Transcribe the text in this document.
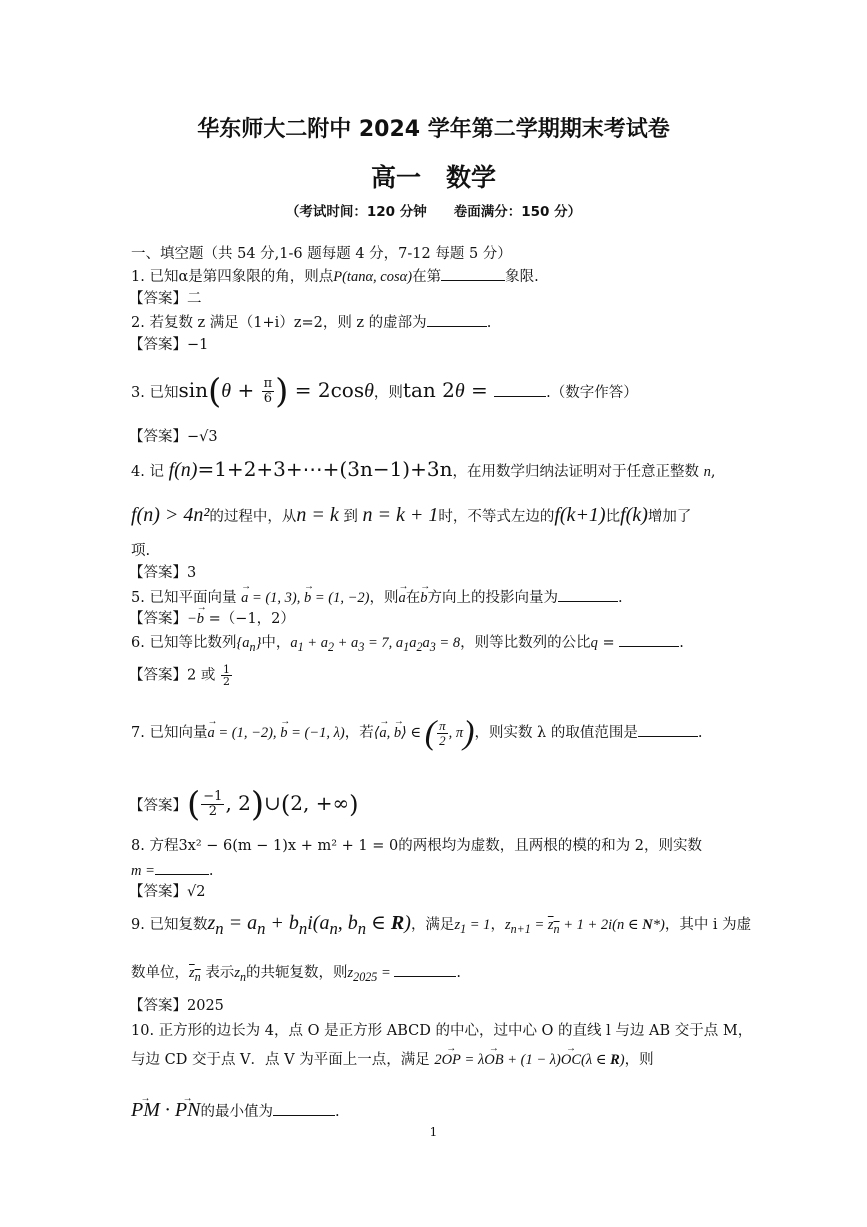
华东师大二附中 2024 学年第二学期期末考试卷
高一　数学
（考试时间：120 分钟　　卷面满分：150 分）
一、填空题（共 54 分,1-6 题每题 4 分，7-12 每题 5 分）
1. 已知α是第四象限的角，则点P(tanα, cosα)在第	象限.
【答案】二
2. 若复数 z 满足（1+i）z=2，则 z 的虚部为	.
【答案】−1
3. 已知$\sin(\theta + \frac{\pi}{6}$ ) = 2cosθ，则tan 2θ =	.（数字作答）
【答案】−√3
4. 记 f(n)=1+2+3+⋯+(3n−1)+3n，在用数学归纳法证明对于任意正整数 n,
f(n) > 4n²的过程中，从n = k 到 n = k + 1时，不等式左边的f(k+1)比f(k)增加了
项.
【答案】3
5. 已知平面向量 → a = (1, 3), → b = (1, −2)，则→ a在→ b方向上的投影向量为	.
【答案】−→ b =（−1，2）
6. 已知等比数列$\{a_n\}$中，$a_1 + a_2 + a_3 = 7$, $a_1a_2a_3 = 8$，则等比数列的公比q =	.
【答案】2 或 $\frac{1}{2}$
7. 已知向量→ a = (1, −2), → b = (−1, λ)，若⟨→ a, → b⟩ ∈ ( $\frac{\pi}{2}$ , π)，则实数 λ 的取值范围是	.
【答案】( $\frac{-1}{2}$ , 2)∪(2, +∞)
8. 方程3x² − 6(m − 1)x + m² + 1 = 0的两根均为虚数，且两根的模的和为 2，则实数
m =	.
【答案】√2
9. 已知复数$z_n = a_n + b_ni(a_n$, $b_n$ ∈ R)，满足$z_1 = 1$，$z_{n+1} = z_n + 1 + 2i(n$ ∈ N*)，其中 i 为虚
数单位，$z_n$ 表示$z_n$的共轭复数，则$z_{2025}$ =	.
【答案】2025
10. 正方形的边长为 4，点 O 是正方形 ABCD 的中心，过中心 O 的直线 l 与边 AB 交于点 M，
与边 CD 交于点 V．点 V 为平面上一点，满足 2→ OP = λ→ OB + (1 − λ)→ OC(λ ∈ R)，则
→ PM · → PN的最小值为	.
1
